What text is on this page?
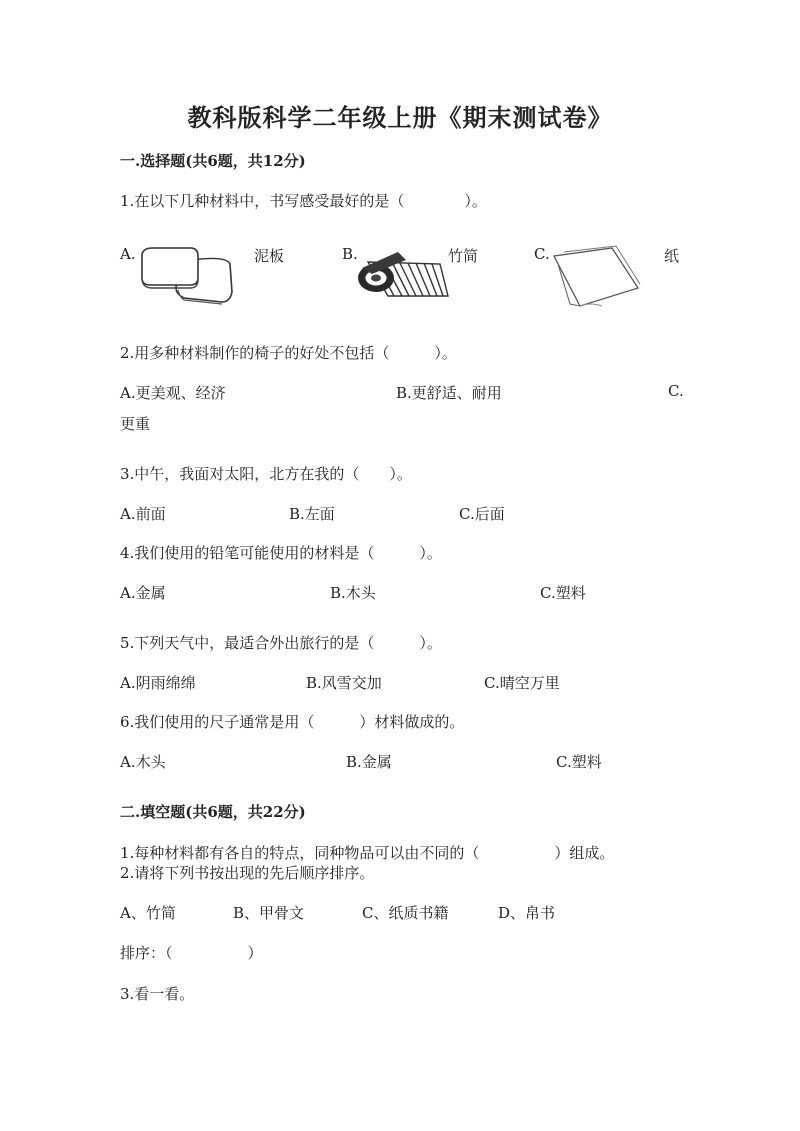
教科版科学二年级上册《期末测试卷》
一.选择题(共6题，共12分)
1.在以下几种材料中，书写感受最好的是（　　　　）。
A.	泥板	B.	竹简	C.	纸
2.用多种材料制作的椅子的好处不包括（　　　）。
A.更美观、经济	B.更舒适、耐用	C.
更重
3.中午，我面对太阳，北方在我的（　　）。
A.前面	B.左面	C.后面
4.我们使用的铅笔可能使用的材料是（　　　）。
A.金属	B.木头	C.塑料
5.下列天气中，最适合外出旅行的是（　　　）。
A.阴雨绵绵	B.风雪交加	C.晴空万里
6.我们使用的尺子通常是用（　　　）材料做成的。
A.木头	B.金属	C.塑料
二.填空题(共6题，共22分)
1.每种材料都有各自的特点，同种物品可以由不同的（　　　　　）组成。
2.请将下列书按出现的先后顺序排序。
A、竹简	B、甲骨文	C、纸质书籍	D、帛书
排序：（　　　　　）
3.看一看。
